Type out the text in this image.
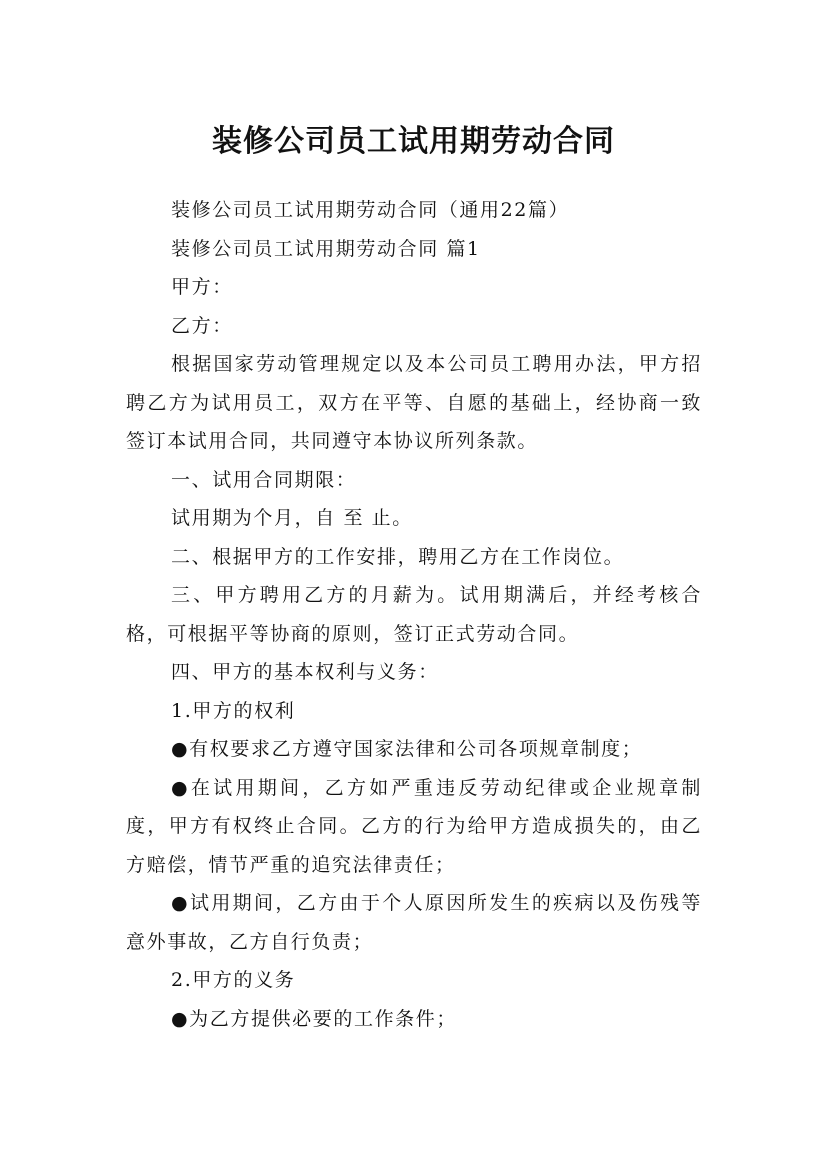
装修公司员工试用期劳动合同

装修公司员工试用期劳动合同（通用22篇）

装修公司员工试用期劳动合同 篇1

甲方：

乙方：

根据国家劳动管理规定以及本公司员工聘用办法，甲方招聘乙方为试用员工，双方在平等、自愿的基础上，经协商一致签订本试用合同，共同遵守本协议所列条款。

一、试用合同期限：

试用期为个月，自 至 止。

二、根据甲方的工作安排，聘用乙方在工作岗位。

三、甲方聘用乙方的月薪为。试用期满后，并经考核合格，可根据平等协商的原则，签订正式劳动合同。

四、甲方的基本权利与义务：

1.甲方的权利

●有权要求乙方遵守国家法律和公司各项规章制度；

●在试用期间，乙方如严重违反劳动纪律或企业规章制度，甲方有权终止合同。乙方的行为给甲方造成损失的，由乙方赔偿，情节严重的追究法律责任；

●试用期间，乙方由于个人原因所发生的疾病以及伤残等意外事故，乙方自行负责；

2.甲方的义务

●为乙方提供必要的工作条件；
